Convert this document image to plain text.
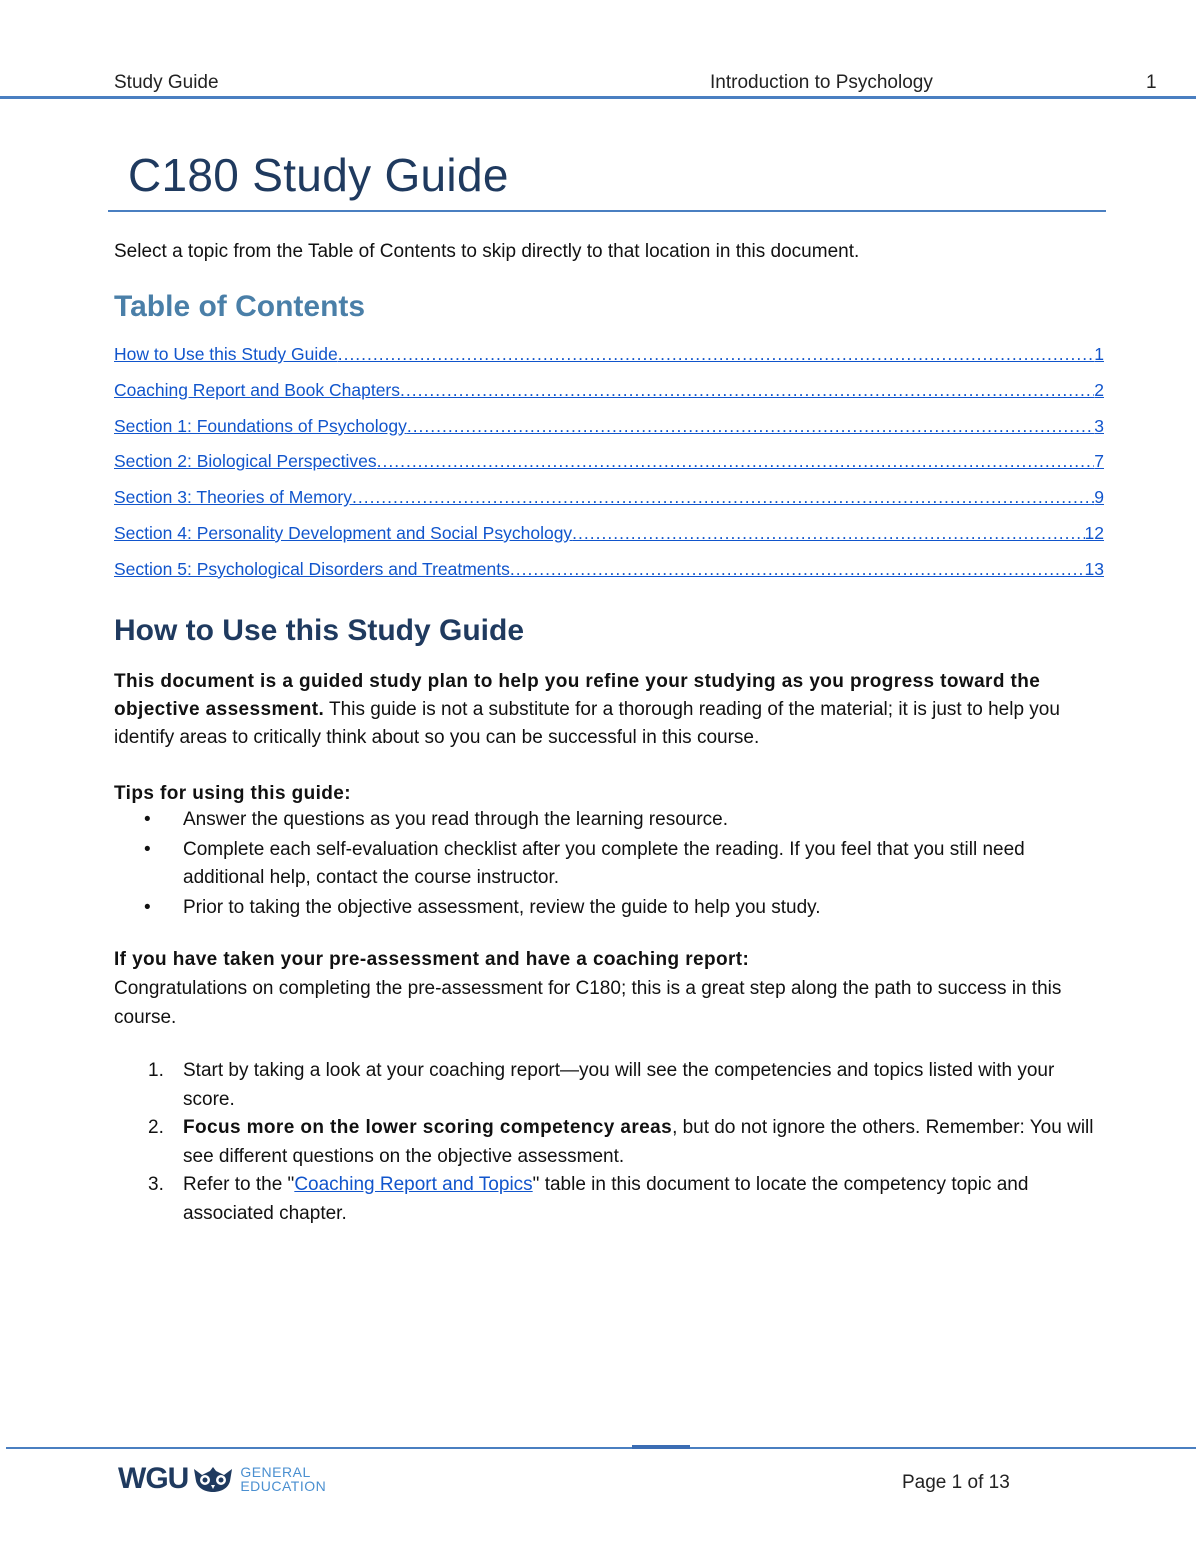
Study Guide	Introduction to Psychology	1
C180 Study Guide
Select a topic from the Table of Contents to skip directly to that location in this document.
Table of Contents
How to Use this Study Guide .....	1
Coaching Report and Book Chapters .....	2
Section 1: Foundations of Psychology .....	3
Section 2: Biological Perspectives .....	7
Section 3: Theories of Memory .....	9
Section 4: Personality Development and Social Psychology .....	12
Section 5: Psychological Disorders and Treatments .....	13
How to Use this Study Guide
This document is a guided study plan to help you refine your studying as you progress toward the objective assessment. This guide is not a substitute for a thorough reading of the material; it is just to help you identify areas to critically think about so you can be successful in this course.
Tips for using this guide:
• Answer the questions as you read through the learning resource.
• Complete each self-evaluation checklist after you complete the reading. If you feel that you still need additional help, contact the course instructor.
• Prior to taking the objective assessment, review the guide to help you study.
If you have taken your pre-assessment and have a coaching report:
Congratulations on completing the pre-assessment for C180; this is a great step along the path to success in this course.
1. Start by taking a look at your coaching report—you will see the competencies and topics listed with your score.
2. Focus more on the lower scoring competency areas, but do not ignore the others. Remember: You will see different questions on the objective assessment.
3. Refer to the "Coaching Report and Topics" table in this document to locate the competency topic and associated chapter.
WGU	GENERAL
EDUCATION	Page 1 of 13
